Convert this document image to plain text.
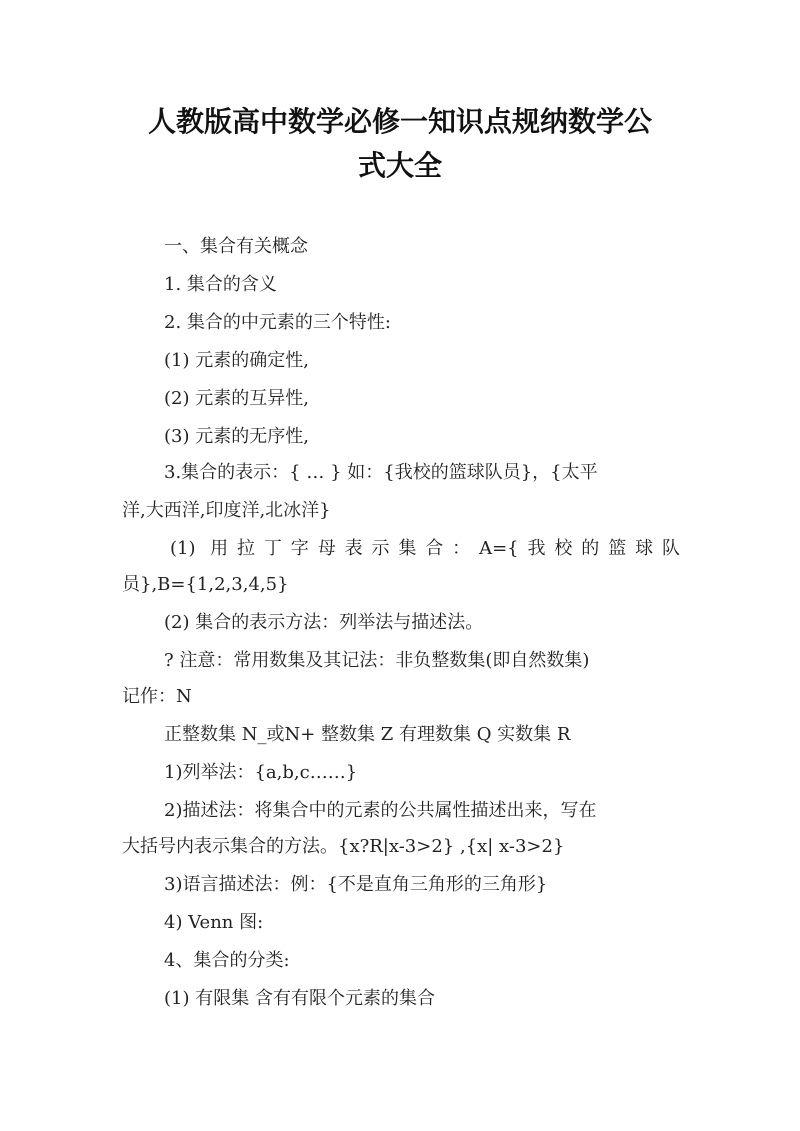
人教版高中数学必修一知识点规纳数学公
式大全
一、集合有关概念
1. 集合的含义
2. 集合的中元素的三个特性:
(1) 元素的确定性,
(2) 元素的互异性,
(3) 元素的无序性,
3.集合的表示：{ … } 如：{我校的篮球队员}，{太平
洋,大西洋,印度洋,北冰洋}
(1) 用拉丁字母表示集合：A={我校的篮球队
员},B={1,2,3,4,5}
(2) 集合的表示方法：列举法与描述法。
? 注意：常用数集及其记法：非负整数集(即自然数集)
记作：N
正整数集 N_或N+ 整数集 Z 有理数集 Q 实数集 R
1)列举法：{a,b,c……}
2)描述法：将集合中的元素的公共属性描述出来，写在
大括号内表示集合的方法。{x?R|x-3>2} ,{x| x-3>2}
3)语言描述法：例：{不是直角三角形的三角形}
4) Venn 图:
4、集合的分类:
(1) 有限集 含有有限个元素的集合
